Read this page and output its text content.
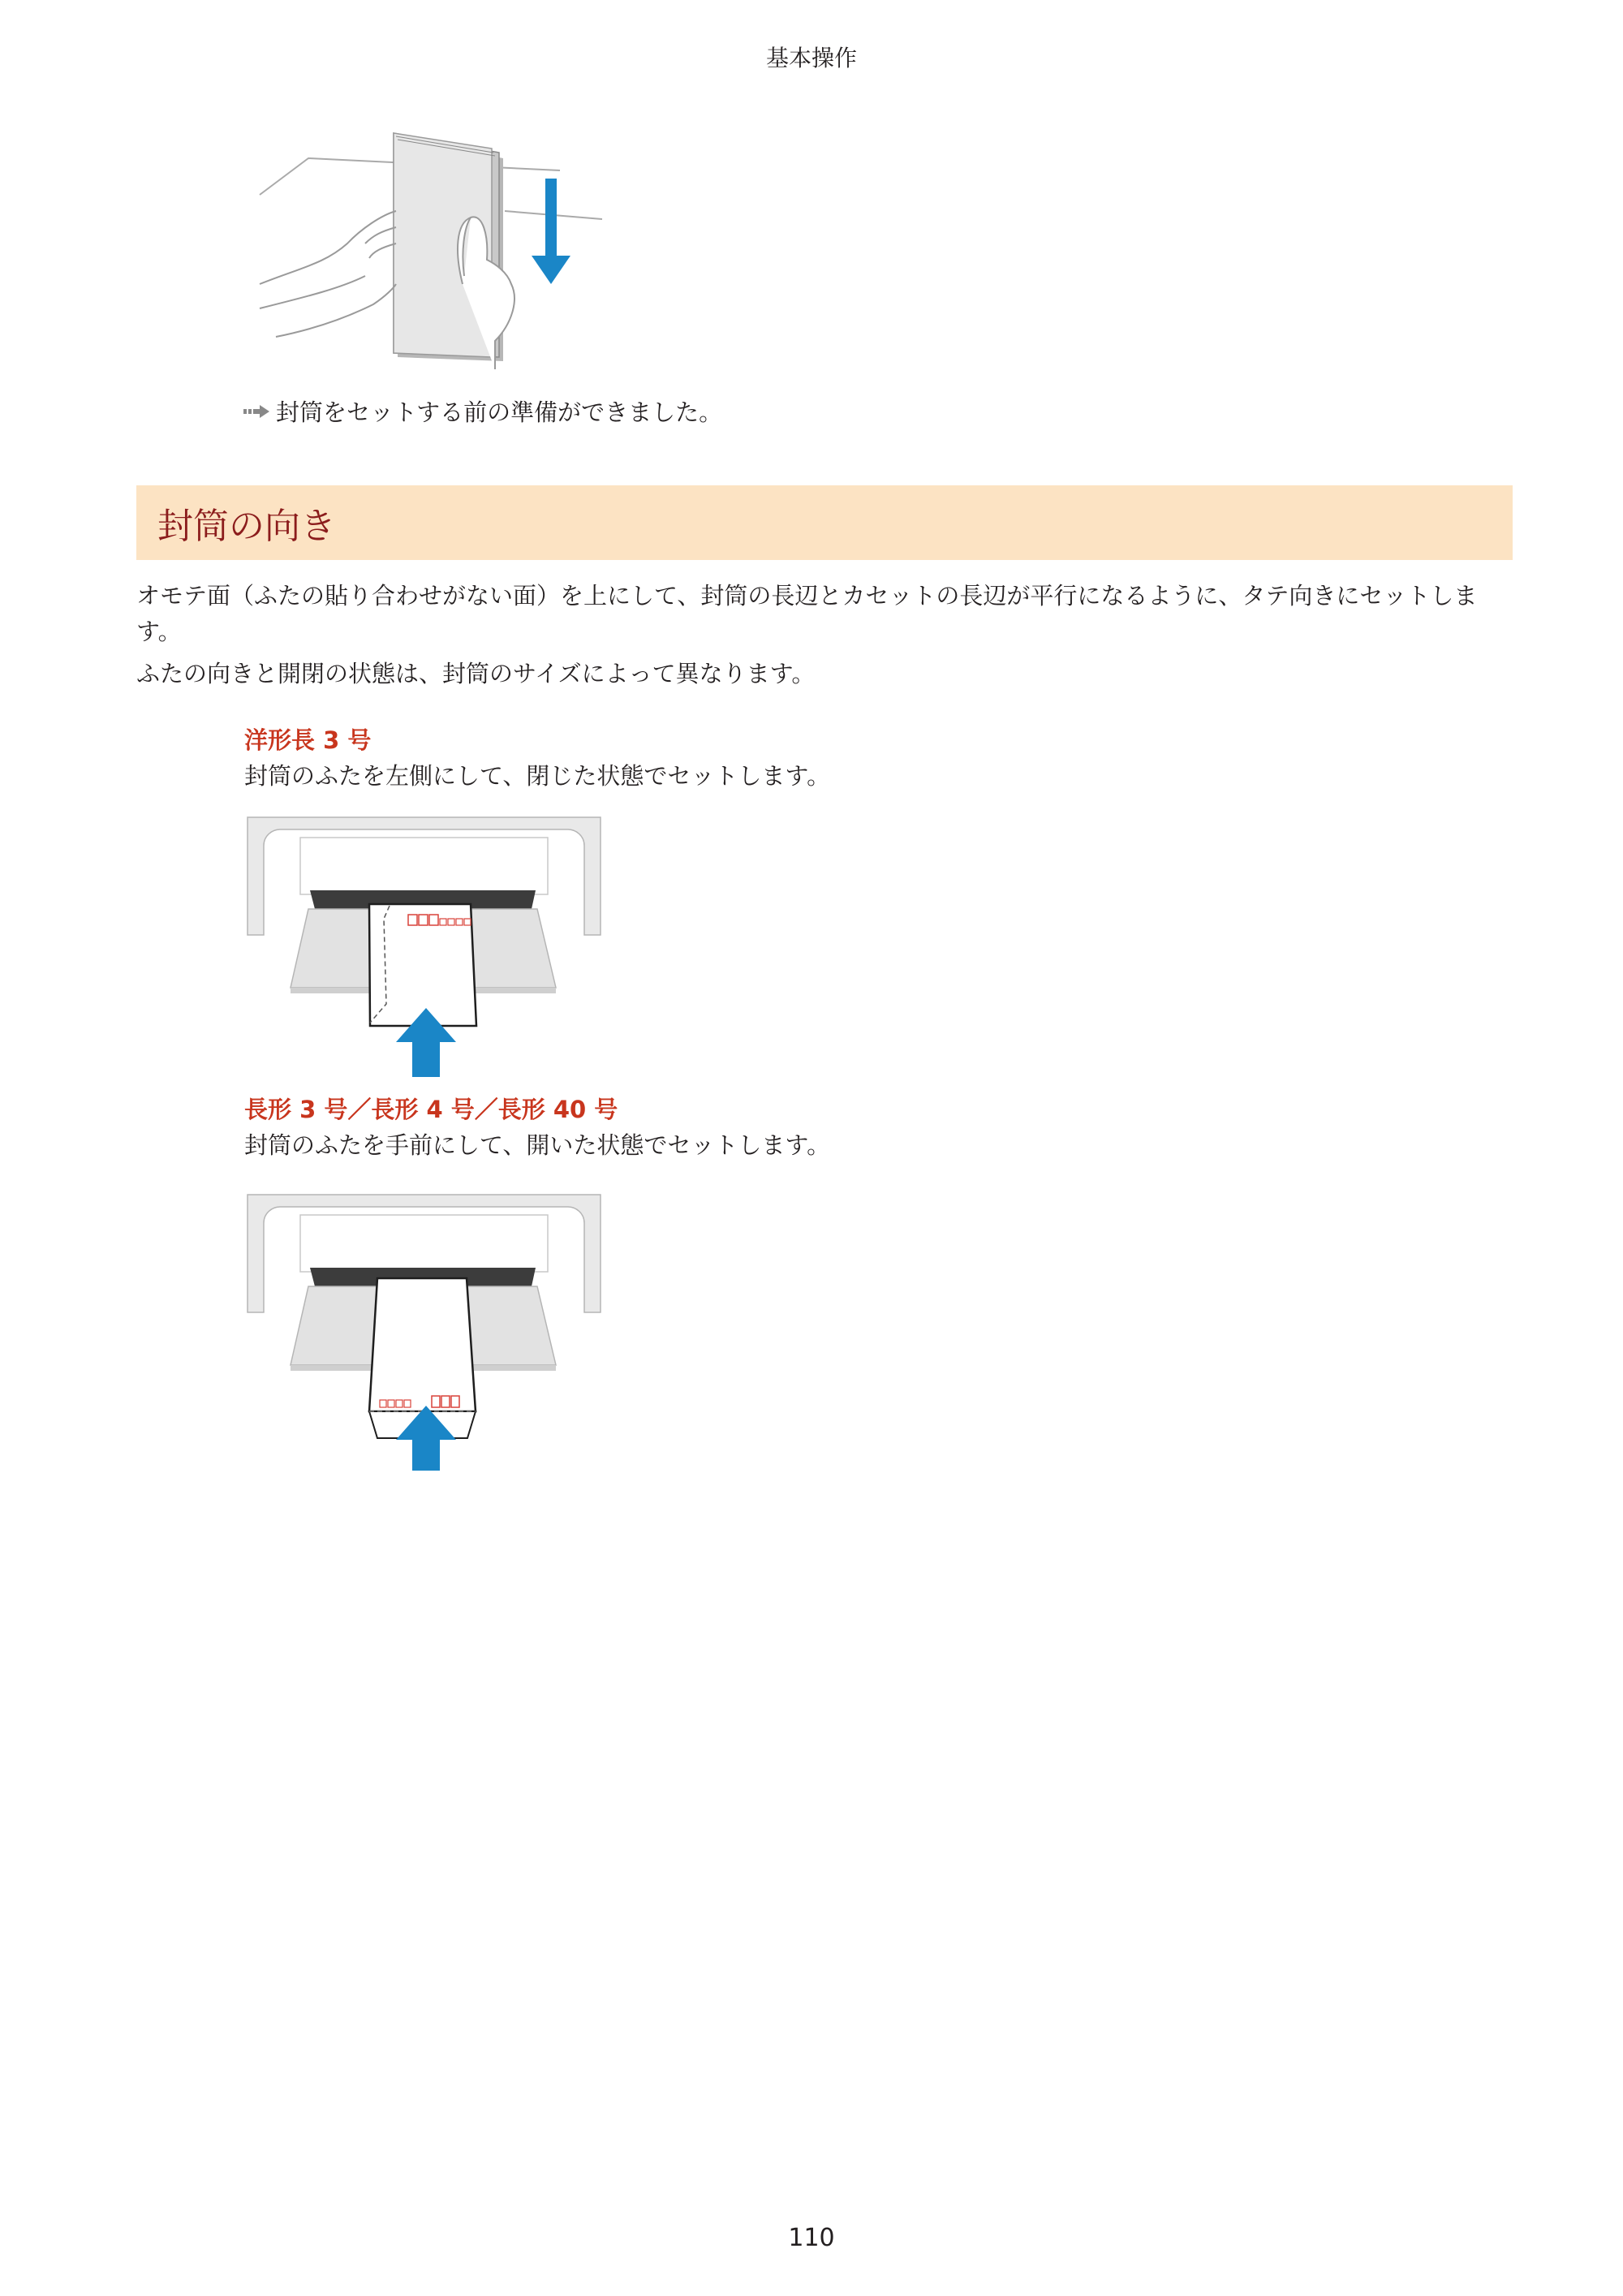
基本操作
封筒をセットする前の準備ができました。
封筒の向き
オモテ面（ふたの貼り合わせがない面）を上にして、封筒の長辺とカセットの長辺が平行になるように、タテ向きにセットします。
ふたの向きと開閉の状態は、封筒のサイズによって異なります。
洋形長 3 号
封筒のふたを左側にして、閉じた状態でセットします。
長形 3 号／長形 4 号／長形 40 号
封筒のふたを手前にして、開いた状態でセットします。
110
